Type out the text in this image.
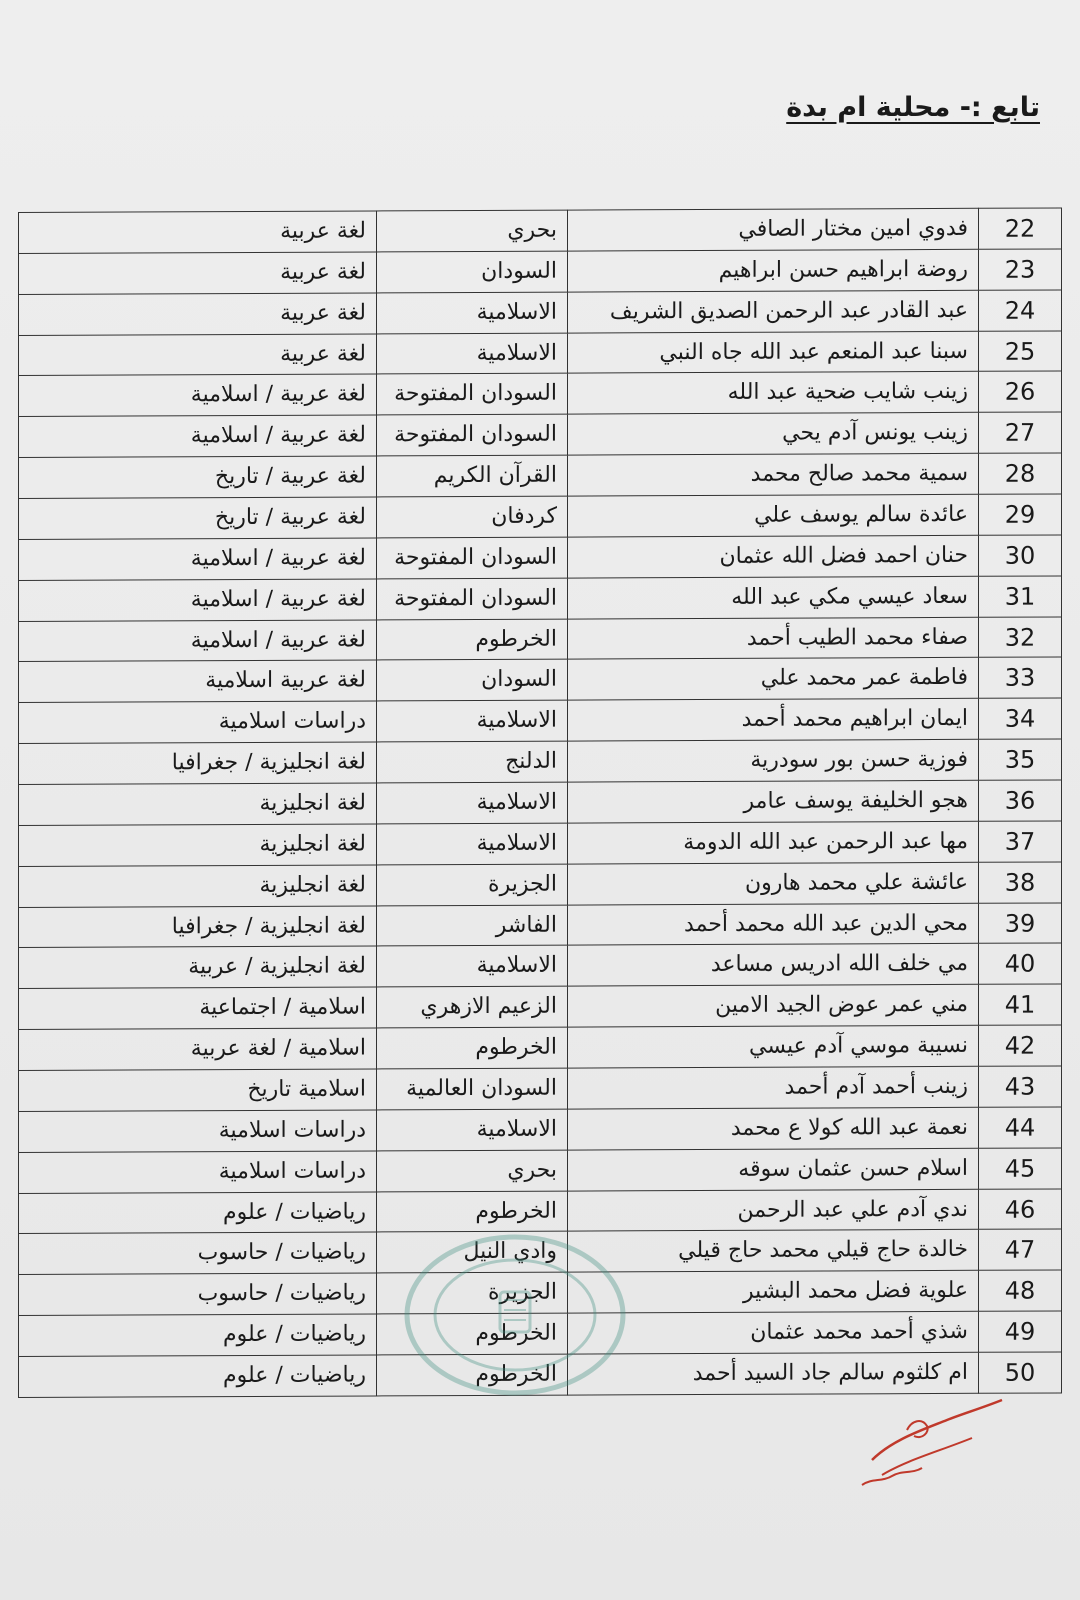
تابع :- محلية ام بدة
22	فدوي امين مختار الصافي	بحري	لغة عربية
23	روضة ابراهيم حسن ابراهيم	السودان	لغة عربية
24	عبد القادر عبد الرحمن الصديق الشريف	الاسلامية	لغة عربية
25	سبنا عبد المنعم عبد الله جاه النبي	الاسلامية	لغة عربية
26	زينب شايب ضحية عبد الله	السودان المفتوحة	لغة عربية / اسلامية
27	زينب يونس آدم يحي	السودان المفتوحة	لغة عربية / اسلامية
28	سمية محمد صالح محمد	القرآن الكريم	لغة عربية / تاريخ
29	عائدة سالم يوسف علي	كردفان	لغة عربية / تاريخ
30	حنان احمد فضل الله عثمان	السودان المفتوحة	لغة عربية / اسلامية
31	سعاد عيسي مكي عبد الله	السودان المفتوحة	لغة عربية / اسلامية
32	صفاء محمد الطيب أحمد	الخرطوم	لغة عربية / اسلامية
33	فاطمة عمر محمد علي	السودان	لغة عربية اسلامية
34	ايمان ابراهيم محمد أحمد	الاسلامية	دراسات اسلامية
35	فوزية حسن بور سودرية	الدلنج	لغة انجليزية / جغرافيا
36	هجو الخليفة يوسف عامر	الاسلامية	لغة انجليزية
37	مها عبد الرحمن عبد الله الدومة	الاسلامية	لغة انجليزية
38	عائشة علي محمد هارون	الجزيرة	لغة انجليزية
39	محي الدين عبد الله محمد أحمد	الفاشر	لغة انجليزية / جغرافيا
40	مي خلف الله ادريس مساعد	الاسلامية	لغة انجليزية / عربية
41	مني عمر عوض الجيد الامين	الزعيم الازهري	اسلامية / اجتماعية
42	نسيبة موسي آدم عيسي	الخرطوم	اسلامية / لغة عربية
43	زينب أحمد آدم أحمد	السودان العالمية	اسلامية تاريخ
44	نعمة عبد الله كولا ع محمد	الاسلامية	دراسات اسلامية
45	اسلام حسن عثمان سوقه	بحري	دراسات اسلامية
46	ندي آدم علي عبد الرحمن	الخرطوم	رياضيات / علوم
47	خالدة حاج قيلي محمد حاج قيلي	وادي النيل	رياضيات / حاسوب
48	علوية فضل محمد البشير	الجزيرة	رياضيات / حاسوب
49	شذي أحمد محمد عثمان	الخرطوم	رياضيات / علوم
50	ام كلثوم سالم جاد السيد أحمد	الخرطوم	رياضيات / علوم
